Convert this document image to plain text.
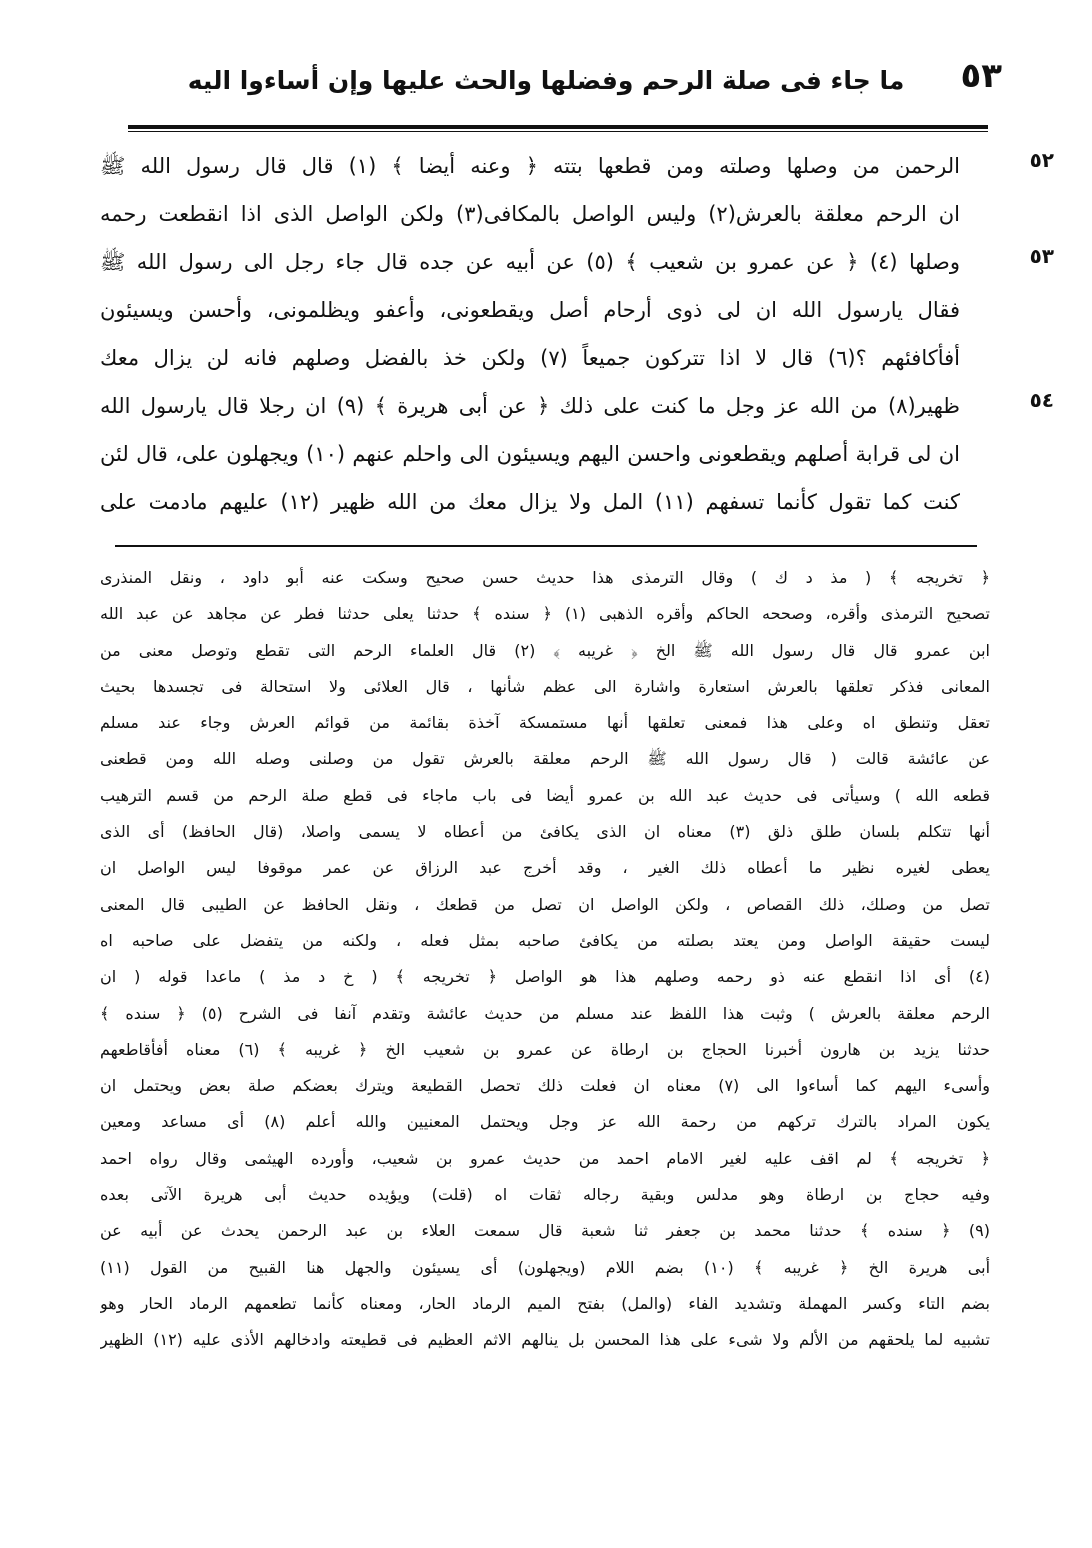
٥٣
ما جاء فى صلة الرحم وفضلها والحث عليها وإن أساءوا اليه
٥٢
٥٣
٥٤
الرحمن من وصلها وصلته ومن قطعها بتته ﴿ وعنه أيضا ﴾ (١) قال قال رسول الله ﷺ
ان الرحم معلقة بالعرش(٢) وليس الواصل بالمكافى(٣) ولكن الواصل الذى اذا انقطعت رحمه
وصلها (٤) ﴿ عن عمرو بن شعيب ﴾ (٥) عن أبيه عن جده قال جاء رجل الى رسول الله ﷺ
فقال يارسول الله ان لى ذوى أرحام أصل ويقطعونى، وأعفو ويظلمونى، وأحسن ويسيئون
أفأكافئهم ؟(٦) قال لا اذا تتركون جميعاً (٧) ولكن خذ بالفضل وصلهم فانه لن يزال معك
ظهير(٨) من الله عز وجل ما كنت على ذلك ﴿ عن أبى هريرة ﴾ (٩) ان رجلا قال يارسول الله
ان لى قرابة أصلهم ويقطعونى واحسن اليهم ويسيئون الى واحلم عنهم (١٠) ويجهلون على، قال لئن
كنت كما تقول كأنما تسفهم (١١) المل ولا يزال معك من الله ظهير (١٢) عليهم مادمت على
﴿ تخريجه ﴾ ( مذ د ك ) وقال الترمذى هذا حديث حسن صحيح وسكت عنه أبو داود ، ونقل المنذرى
تصحيح الترمذى وأقره، وصححه الحاكم وأقره الذهبى (١) ﴿ سنده ﴾ حدثنا يعلى حدثنا فطر عن مجاهد عن عبد الله
ابن عمرو قال قال رسول الله ﷺ الخ ﴿ غريبه ﴾ (٢) قال العلماء الرحم التى تقطع وتوصل معنى من
المعانى فذكر تعلقها بالعرش استعارة واشارة الى عظم شأنها ، قال العلائى ولا استحالة فى تجسدها بحيث
تعقل وتنطق اه وعلى هذا فمعنى تعلقها أنها مستمسكة آخذة بقائمة من قوائم العرش وجاء عند مسلم
عن عائشة قالت ( قال رسول الله ﷺ الرحم معلقة بالعرش تقول من وصلنى وصله الله ومن قطعنى
قطعه الله ) وسيأتى فى حديث عبد الله بن عمرو أيضا فى باب ماجاء فى قطع صلة الرحم من قسم الترهيب
أنها تتكلم بلسان طلق ذلق (٣) معناه ان الذى يكافئ من أعطاه لا يسمى واصلا، (قال الحافظ) أى الذى
يعطى لغيره نظير ما أعطاه ذلك الغير ، وقد أخرج عبد الرزاق عن عمر موقوفا ليس الواصل ان
تصل من وصلك، ذلك القصاص ، ولكن الواصل ان تصل من قطعك ، ونقل الحافظ عن الطيبى قال المعنى
ليست حقيقة الواصل ومن يعتد بصلته من يكافئ صاحبه بمثل فعله ، ولكنه من يتفضل على صاحبه اه
(٤) أى اذا انقطع عنه ذو رحمه وصلهم هذا هو الواصل ﴿ تخريجه ﴾ ( خ د مذ ) ماعدا قوله ( ان
الرحم معلقة بالعرش ) وثبت هذا اللفظ عند مسلم من حديث عائشة وتقدم آنفا فى الشرح (٥) ﴿ سنده ﴾
حدثنا يزيد بن هارون أخبرنا الحجاج بن ارطاة عن عمرو بن شعيب الخ ﴿ غريبه ﴾ (٦) معناه أفأقاطعهم
وأسىء اليهم كما أساءوا الى (٧) معناه ان فعلت ذلك تحصل القطيعة ويترك بعضكم صلة بعض ويحتمل ان
يكون المراد بالترك تركهم من رحمة الله عز وجل ويحتمل المعنيين والله أعلم (٨) أى مساعد ومعين
﴿ تخريجه ﴾ لم اقف عليه لغير الامام احمد من حديث عمرو بن شعيب، وأورده الهيثمى وقال رواه احمد
وفيه حجاج بن ارطاة وهو مدلس وبقية رجاله ثقات اه (قلت) ويؤيده حديث أبى هريرة الآتى بعده
(٩) ﴿ سنده ﴾ حدثنا محمد بن جعفر ثنا شعبة قال سمعت العلاء بن عبد الرحمن يحدث عن أبيه عن
أبى هريرة الخ ﴿ غريبه ﴾ (١٠) بضم اللام (ويجهلون) أى يسيئون والجهل هنا القبيح من القول (١١)
بضم التاء وكسر المهملة وتشديد الفاء (والمل) بفتح الميم الرماد الحار، ومعناه كأنما تطعمهم الرماد الحار وهو
تشبيه لما يلحقهم من الألم ولا شىء على هذا المحسن بل ينالهم الاثم العظيم فى قطيعته وادخالهم الأذى عليه (١٢) الظهير
